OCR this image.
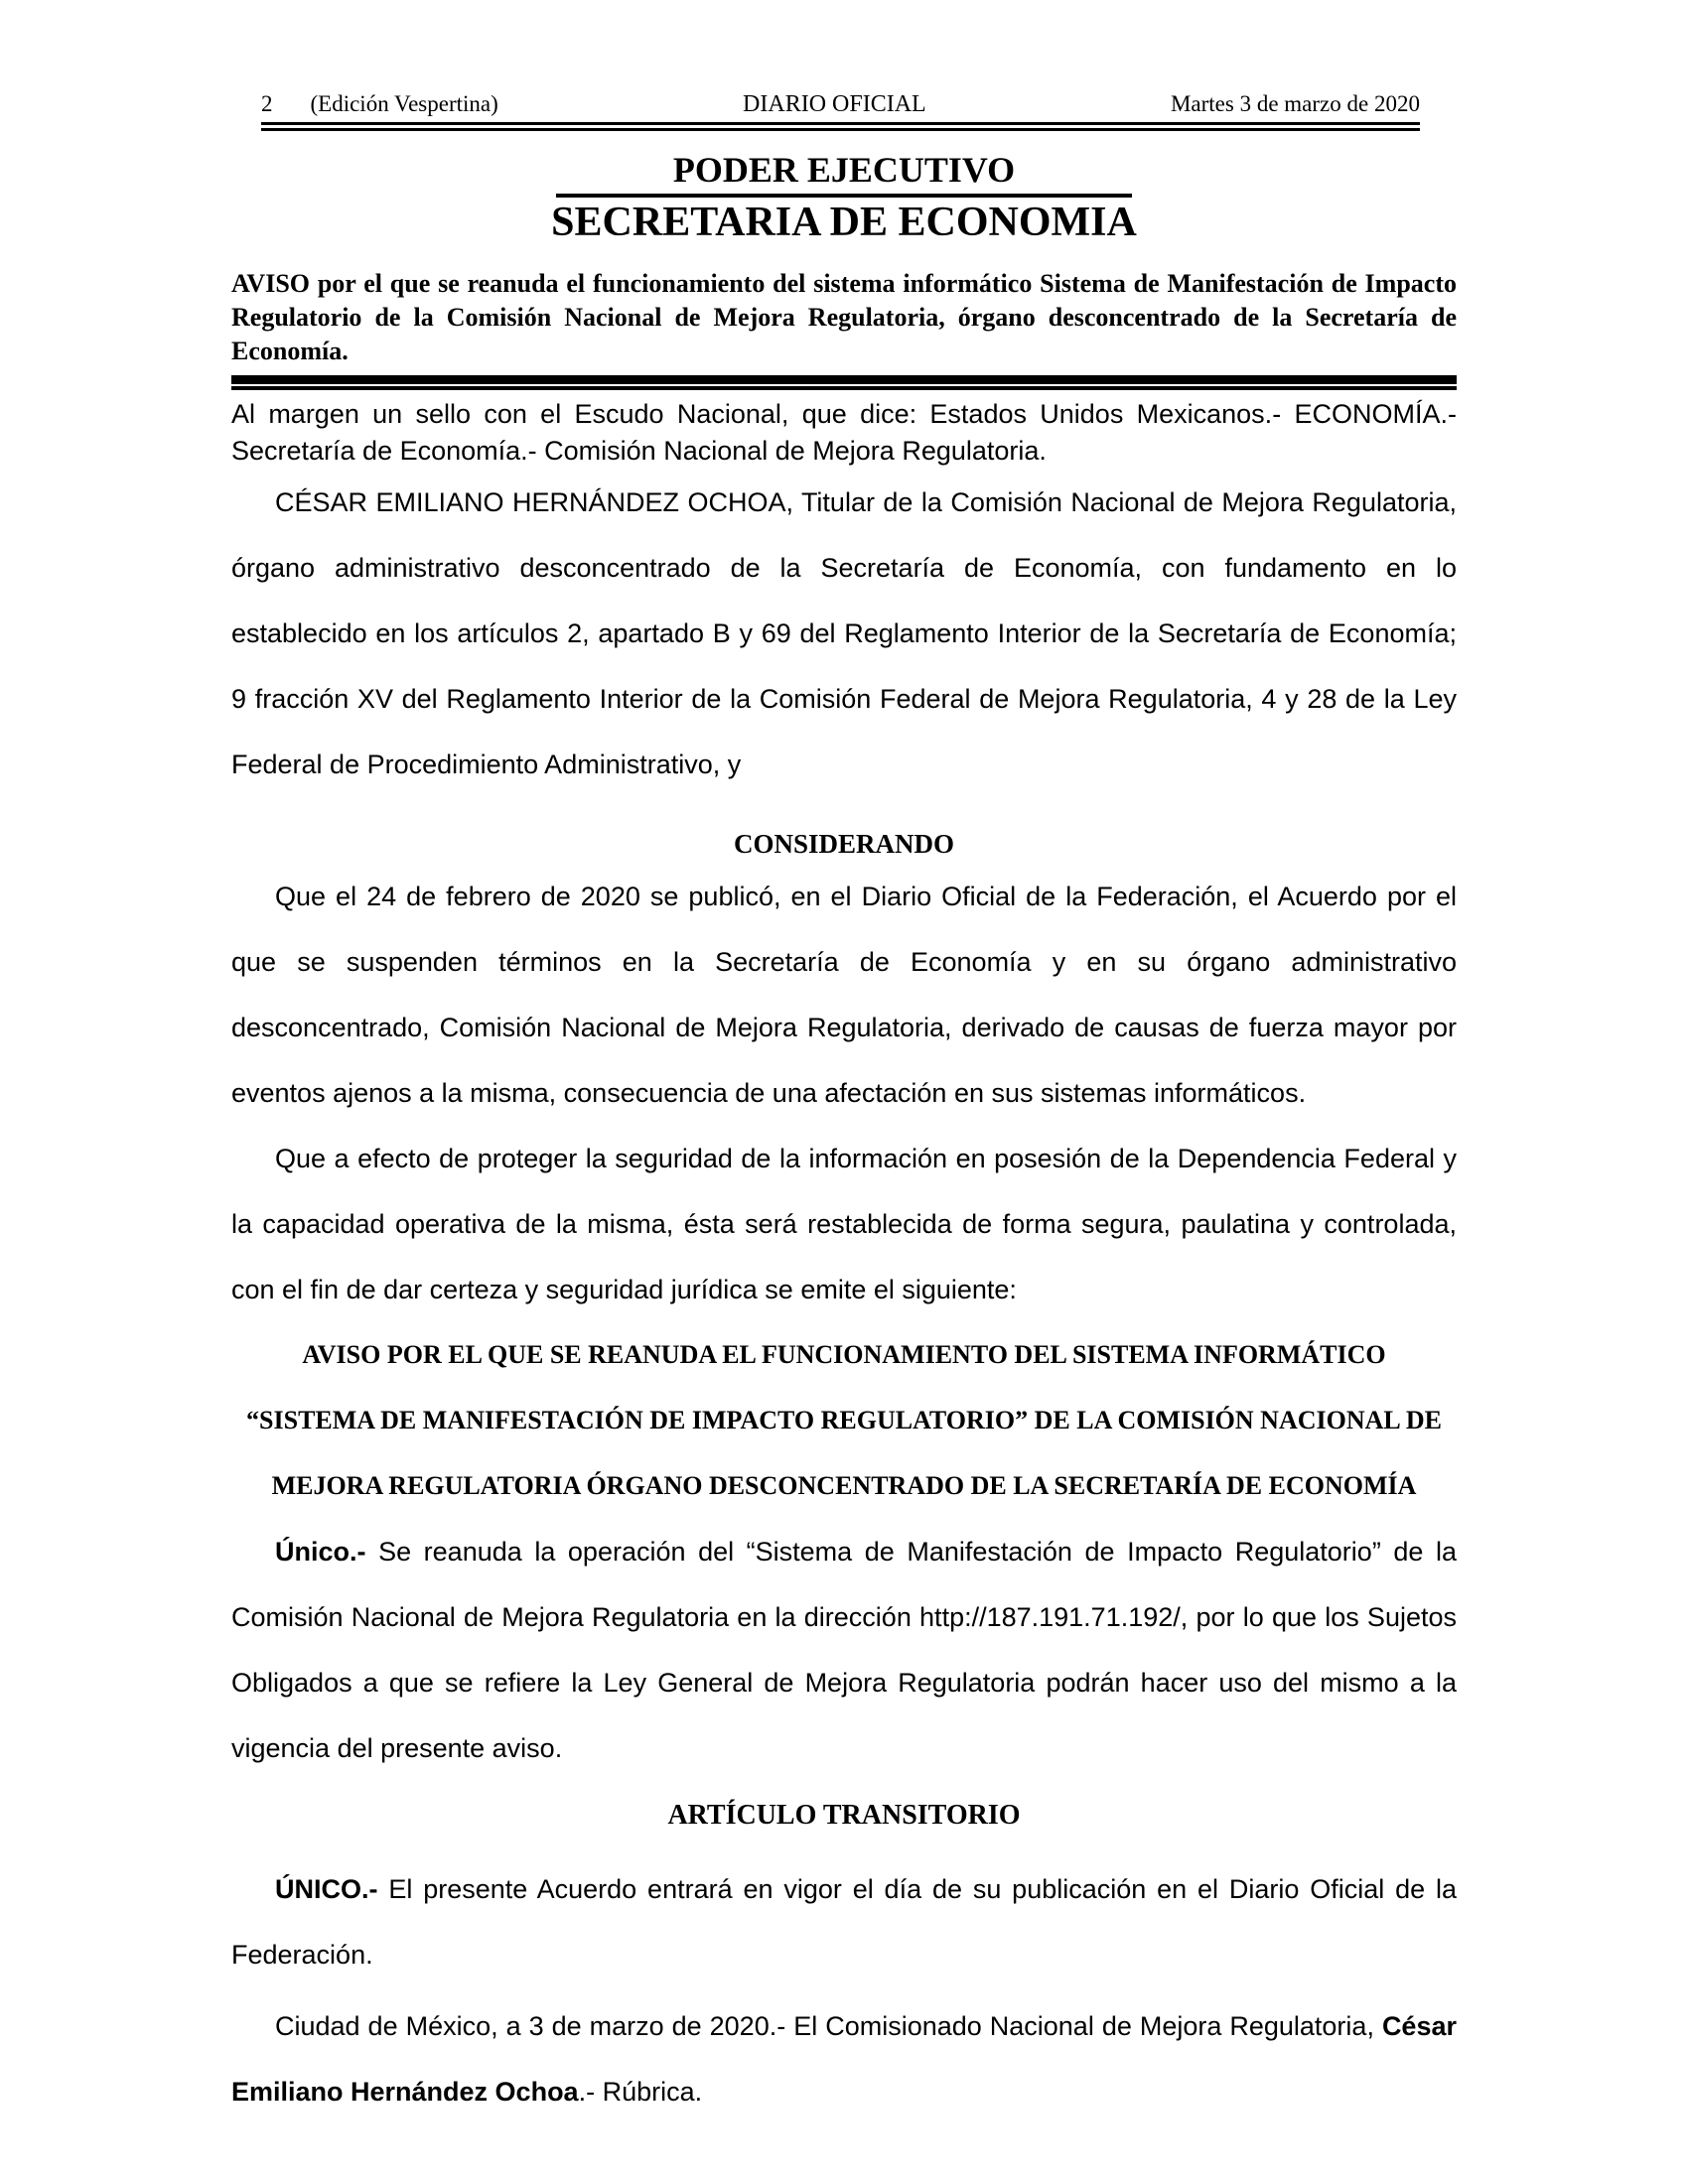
2 (Edición Vespertina)	DIARIO OFICIAL	Martes 3 de marzo de 2020
PODER EJECUTIVO
SECRETARIA DE ECONOMIA
AVISO por el que se reanuda el funcionamiento del sistema informático Sistema de Manifestación de Impacto Regulatorio de la Comisión Nacional de Mejora Regulatoria, órgano desconcentrado de la Secretaría de Economía.
Al margen un sello con el Escudo Nacional, que dice: Estados Unidos Mexicanos.- ECONOMÍA.- Secretaría de Economía.- Comisión Nacional de Mejora Regulatoria.

CÉSAR EMILIANO HERNÁNDEZ OCHOA, Titular de la Comisión Nacional de Mejora Regulatoria, órgano administrativo desconcentrado de la Secretaría de Economía, con fundamento en lo establecido en los artículos 2, apartado B y 69 del Reglamento Interior de la Secretaría de Economía; 9 fracción XV del Reglamento Interior de la Comisión Federal de Mejora Regulatoria, 4 y 28 de la Ley Federal de Procedimiento Administrativo, y

CONSIDERANDO

Que el 24 de febrero de 2020 se publicó, en el Diario Oficial de la Federación, el Acuerdo por el que se suspenden términos en la Secretaría de Economía y en su órgano administrativo desconcentrado, Comisión Nacional de Mejora Regulatoria, derivado de causas de fuerza mayor por eventos ajenos a la misma, consecuencia de una afectación en sus sistemas informáticos.

Que a efecto de proteger la seguridad de la información en posesión de la Dependencia Federal y la capacidad operativa de la misma, ésta será restablecida de forma segura, paulatina y controlada, con el fin de dar certeza y seguridad jurídica se emite el siguiente:

AVISO POR EL QUE SE REANUDA EL FUNCIONAMIENTO DEL SISTEMA INFORMÁTICO
“SISTEMA DE MANIFESTACIÓN DE IMPACTO REGULATORIO” DE LA COMISIÓN NACIONAL DE
MEJORA REGULATORIA ÓRGANO DESCONCENTRADO DE LA SECRETARÍA DE ECONOMÍA

Único.- Se reanuda la operación del “Sistema de Manifestación de Impacto Regulatorio” de la Comisión Nacional de Mejora Regulatoria en la dirección http://187.191.71.192/, por lo que los Sujetos Obligados a que se refiere la Ley General de Mejora Regulatoria podrán hacer uso del mismo a la vigencia del presente aviso.

ARTÍCULO TRANSITORIO

ÚNICO.- El presente Acuerdo entrará en vigor el día de su publicación en el Diario Oficial de la Federación.

Ciudad de México, a 3 de marzo de 2020.- El Comisionado Nacional de Mejora Regulatoria, César Emiliano Hernández Ochoa.- Rúbrica.
